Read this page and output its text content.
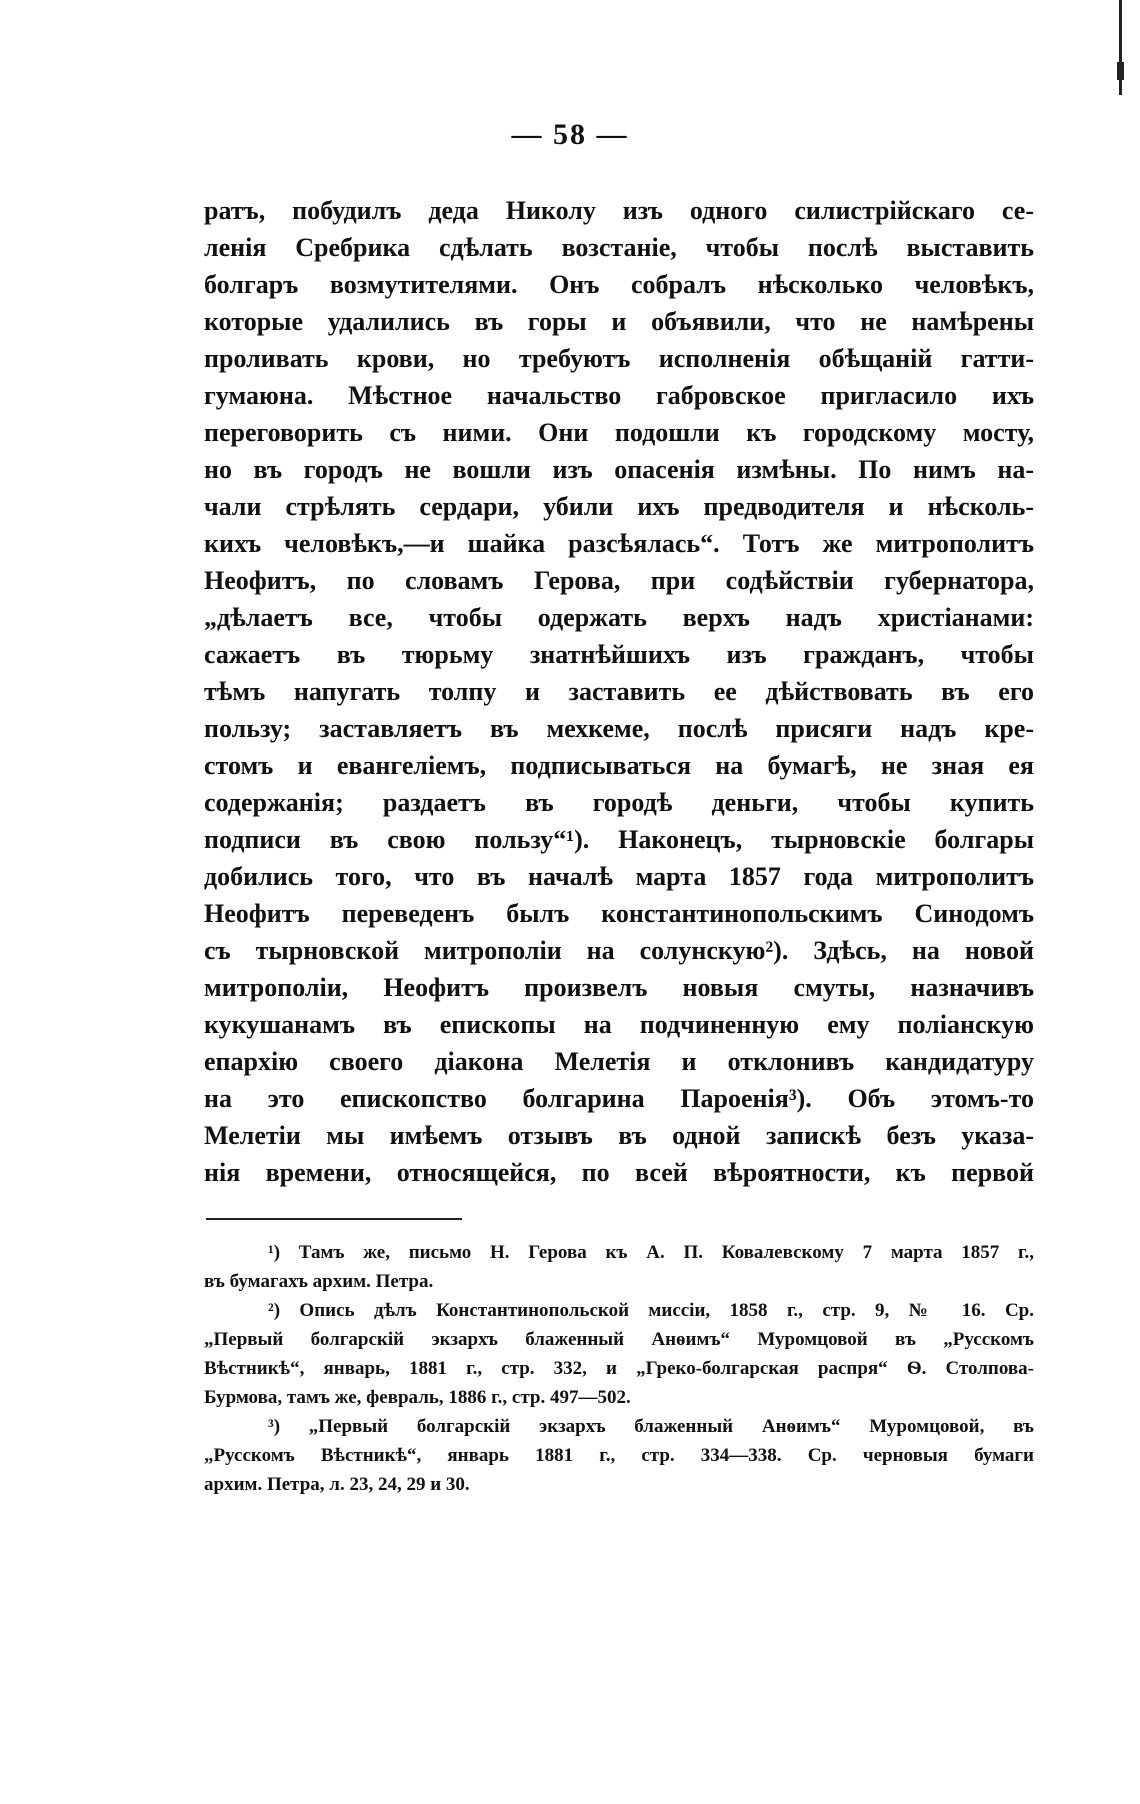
— 58 —
ратъ, побудилъ деда Николу изъ одного силистрійскаго се-
ленія Сребрика сдѣлать возстаніе, чтобы послѣ выставить
болгаръ возмутителями. Онъ собралъ нѣсколько человѣкъ,
которые удалились въ горы и объявили, что не намѣрены
проливать крови, но требуютъ исполненія обѣщаній гатти-
гумаюна. Мѣстное начальство габровское пригласило ихъ
переговорить съ ними. Они подошли къ городскому мосту,
но въ городъ не вошли изъ опасенія измѣны. По нимъ на-
чали стрѣлять сердари, убили ихъ предводителя и нѣсколь-
кихъ человѣкъ,—и шайка разсѣялась“. Тотъ же митрополитъ
Неофитъ, по словамъ Герова, при содѣйствіи губернатора,
„дѣлаетъ все, чтобы одержать верхъ надъ христіанами:
сажаетъ въ тюрьму знатнѣйшихъ изъ гражданъ, чтобы
тѣмъ напугать толпу и заставить ее дѣйствовать въ его
пользу; заставляетъ въ мехкеме, послѣ присяги надъ кре-
стомъ и евангеліемъ, подписываться на бумагѣ, не зная ея
содержанія; раздаетъ въ городѣ деньги, чтобы купить
подписи въ свою пользу“¹). Наконецъ, тырновскіе болгары
добились того, что въ началѣ марта 1857 года митрополитъ
Неофитъ переведенъ былъ константинопольскимъ Синодомъ
съ тырновской митрополіи на солунскую²). Здѣсь, на новой
митрополіи, Неофитъ произвелъ новыя смуты, назначивъ
кукушанамъ въ епископы на подчиненную ему поліанскую
епархію своего діакона Мелетія и отклонивъ кандидатуру
на это епископство болгарина Пароенія³). Объ этомъ-то
Мелетіи мы имѣемъ отзывъ въ одной запискѣ безъ указа-
нія времени, относящейся, по всей вѣроятности, къ первой
¹) Тамъ же, письмо Н. Герова къ А. П. Ковалевскому 7 марта 1857 г.,
въ бумагахъ архим. Петра.
²) Опись дѣлъ Константинопольской миссіи, 1858 г., стр. 9, № 16. Ср.
„Первый болгарскій экзархъ блаженный Анѳимъ“ Муромцовой въ „Русскомъ
Вѣстникѣ“, январь, 1881 г., стр. 332, и „Греко-болгарская распря“ Ѳ. Столпова-
Бурмова, тамъ же, февраль, 1886 г., стр. 497—502.
³) „Первый болгарскій экзархъ блаженный Анѳимъ“ Муромцовой, въ
„Русскомъ Вѣстникѣ“, январь 1881 г., стр. 334—338. Ср. черновыя бумаги
архим. Петра, л. 23, 24, 29 и 30.
